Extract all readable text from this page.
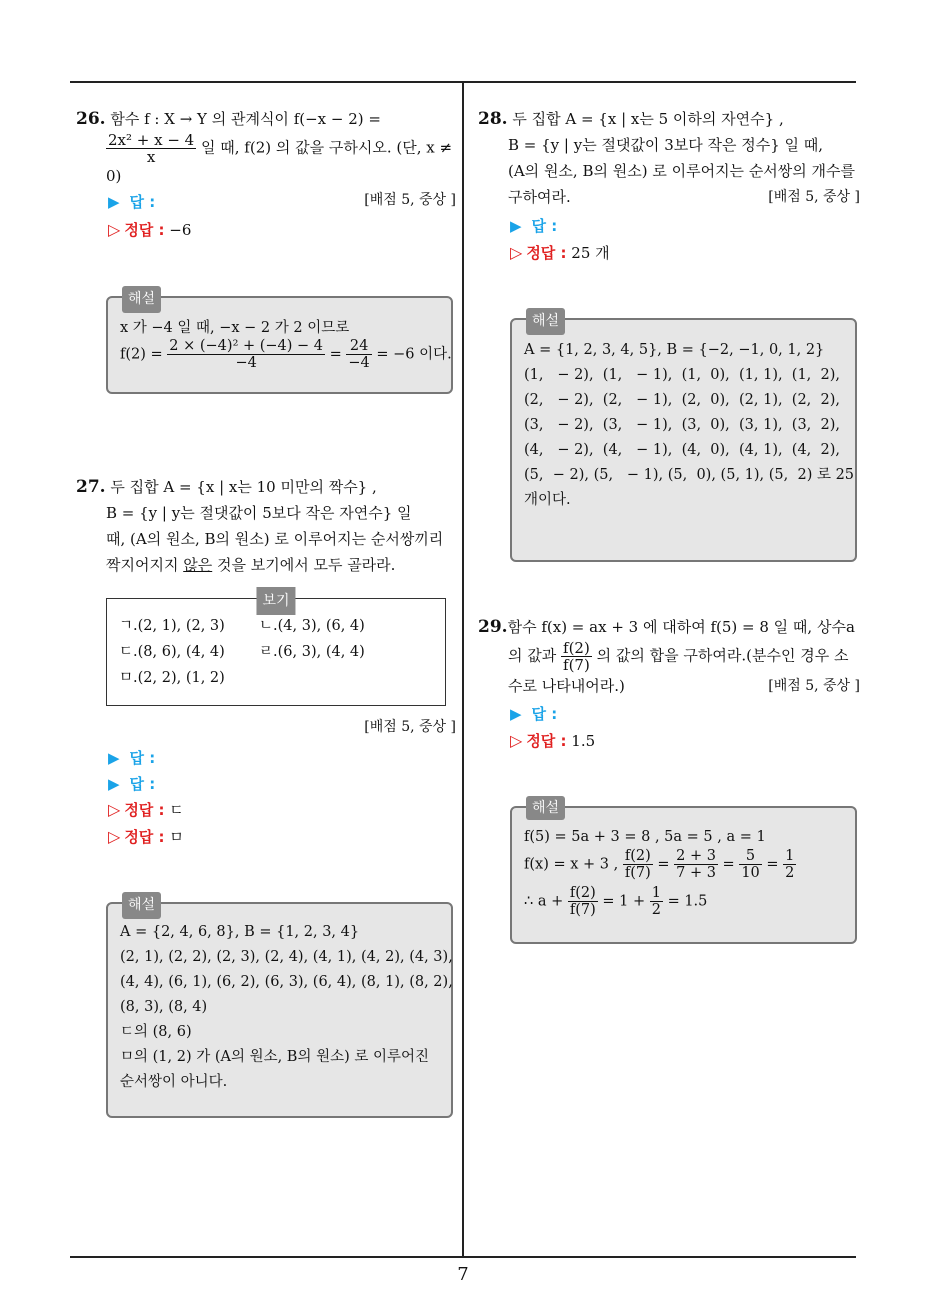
26. 함수 f : X → Y 의 관계식이 f(−x − 2) =
$\frac{\text{2x² + x − 4}}{x}$ 일 때, f(2) 의 값을 구하시오. (단, x ≠ 0)
[배점 5, 중상 ]
▶ 답 :
▷ 정답 : −6
해설
x 가 −4 일 때, −x − 2 가 2 이므로
$f(2) = \frac{\text{2 × (−4)² + (−4) − 4}}{-4} = \frac{24}{-4} = -6$ 이다.
27. 두 집합 A = {x | x는 10 미만의 짝수} ,
B = {y | y는 절댓값이 5보다 작은 자연수} 일
때, (A의 원소, B의 원소) 로 이루어지는 순서쌍끼리
짝지어지지 않은 것을 보기에서 모두 골라라.
보기
ㄱ.(2, 1), (2, 3)	ㄴ.(4, 3), (6, 4)
ㄷ.(8, 6), (4, 4)	ㄹ.(6, 3), (4, 4)
ㅁ.(2, 2), (1, 2)
[배점 5, 중상 ]
▶ 답 :
▶ 답 :
▷ 정답 : ㄷ
▷ 정답 : ㅁ
해설
A = {2, 4, 6, 8}, B = {1, 2, 3, 4}
(2, 1), (2, 2), (2, 3), (2, 4), (4, 1), (4, 2), (4, 3),
(4, 4), (6, 1), (6, 2), (6, 3), (6, 4), (8, 1), (8, 2),
(8, 3), (8, 4)
ㄷ의 (8, 6)
ㅁ의 (1, 2) 가 (A의 원소, B의 원소) 로 이루어진
순서쌍이 아니다.
28. 두 집합 A = {x | x는 5 이하의 자연수} ,
B = {y | y는 절댓값이 3보다 작은 정수} 일 때,
(A의 원소, B의 원소) 로 이루어지는 순서쌍의 개수를
구하여라.	[배점 5, 중상 ]
▶ 답 :
▷ 정답 : 25 개
해설
A = {1, 2, 3, 4, 5}, B = {−2, −1, 0, 1, 2}
(1,   − 2),  (1,   − 1),  (1,  0),  (1, 1),  (1,  2),
(2,   − 2),  (2,   − 1),  (2,  0),  (2, 1),  (2,  2),
(3,   − 2),  (3,   − 1),  (3,  0),  (3, 1),  (3,  2),
(4,   − 2),  (4,   − 1),  (4,  0),  (4, 1),  (4,  2),
(5,  − 2), (5,   − 1), (5,  0), (5, 1), (5,  2) 로 25
개이다.
29.함수 f(x) = ax + 3 에 대하여 f(5) = 8 일 때, 상수a
의 값과 $\frac{f(2)}{f(7)}$ 의 값의 합을 구하여라.(분수인 경우 소
수로 나타내어라.)	[배점 5, 중상 ]
▶ 답 :
▷ 정답 : 1.5
해설
f(5) = 5a + 3 = 8 , 5a = 5 , a = 1
f(x) = x + 3 , $\frac{f(2)}{f(7)} = \frac{2 + 3}{7 + 3} = \frac{5}{10} = \frac{1}{2}$
∴ $a + \frac{f(2)}{f(7)} = 1 + \frac{1}{2} = 1.5$
7
